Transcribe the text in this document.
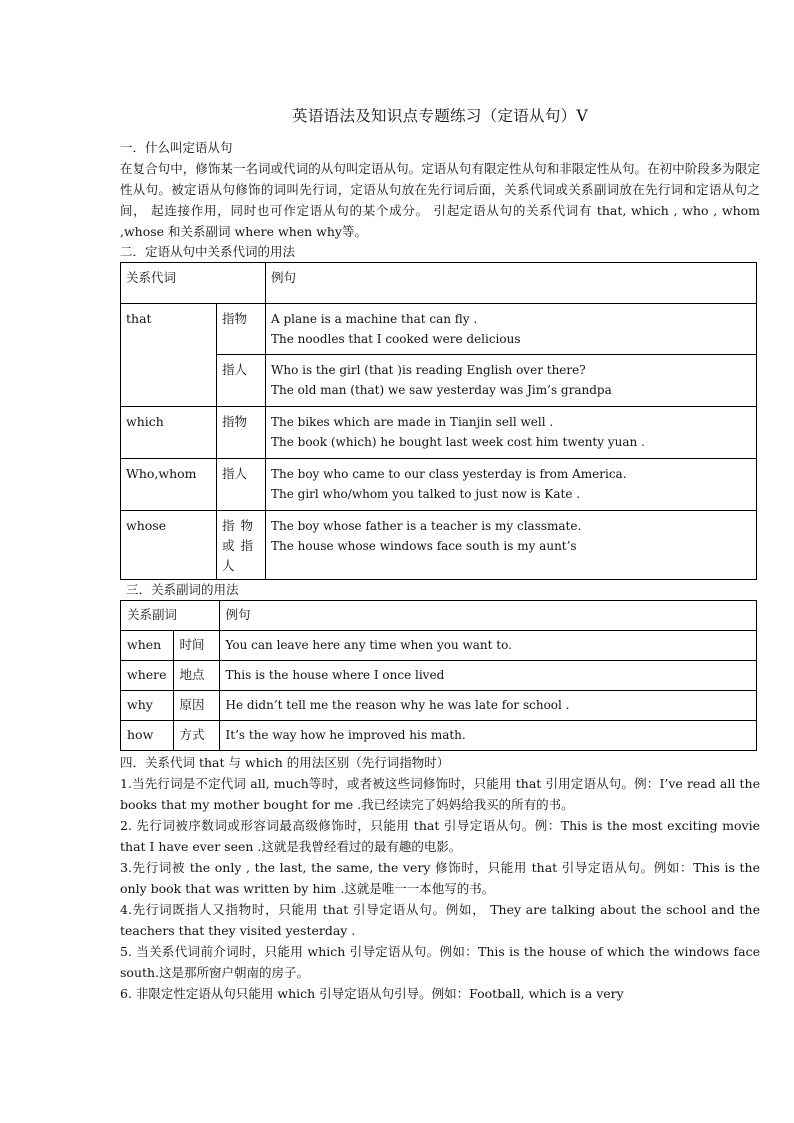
英语语法及知识点专题练习（定语从句）V

一．什么叫定语从句

在复合句中，修饰某一名词或代词的从句叫定语从句。定语从句有限定性从句和非限定性从句。在初中阶段多为限定性从句。被定语从句修饰的词叫先行词，定语从句放在先行词后面，关系代词或关系副词放在先行词和定语从句之间， 起连接作用，同时也可作定语从句的某个成分。 引起定语从句的关系代词有 that, which , who , whom ,whose 和关系副词 where when why等。

二．定语从句中关系代词的用法

关系代词		例句
that	指物	A plane is a machine that can fly .
The noodles that I cooked were delicious

	指人	Who is the girl (that )is reading English over there?
The old man (that) we saw yesterday was Jim’s grandpa

which	指物	The bikes which are made in Tianjin sell well .
The book (which) he bought last week cost him twenty yuan .

Who,whom	指人	The boy who came to our class yesterday is from America.
The girl who/whom you talked to just now is Kate .

whose	指 物 或 指 人	The boy whose father is a teacher is my classmate.
The house whose windows face south is my aunt’s

三．关系副词的用法

关系副词		例句
when	时间	You can leave here any time when you want to.
where	地点	This is the house where I once lived
why	原因	He didn’t tell me the reason why he was late for school .
how	方式	It’s the way how he improved his math.

四．关系代词 that 与 which 的用法区别（先行词指物时）

1.当先行词是不定代词 all, much等时，或者被这些词修饰时，只能用 that 引用定语从句。例：I’ve read all the books that my mother bought for me .我已经读完了妈妈给我买的所有的书。

2. 先行词被序数词或形容词最高级修饰时，只能用 that 引导定语从句。例：This is the most exciting movie that I have ever seen .这就是我曾经看过的最有趣的电影。

3.先行词被 the only , the last, the same, the very 修饰时，只能用 that 引导定语从句。例如：This is the only book that was written by him .这就是唯一一本他写的书。

4.先行词既指人又指物时，只能用 that 引导定语从句。例如， They are talking about the school and the teachers that they visited yesterday .

5. 当关系代词前介词时，只能用 which 引导定语从句。例如：This is the house of which the windows face south.这是那所窗户朝南的房子。

6. 非限定性定语从句只能用 which 引导定语从句引导。例如：Football, which is a very
